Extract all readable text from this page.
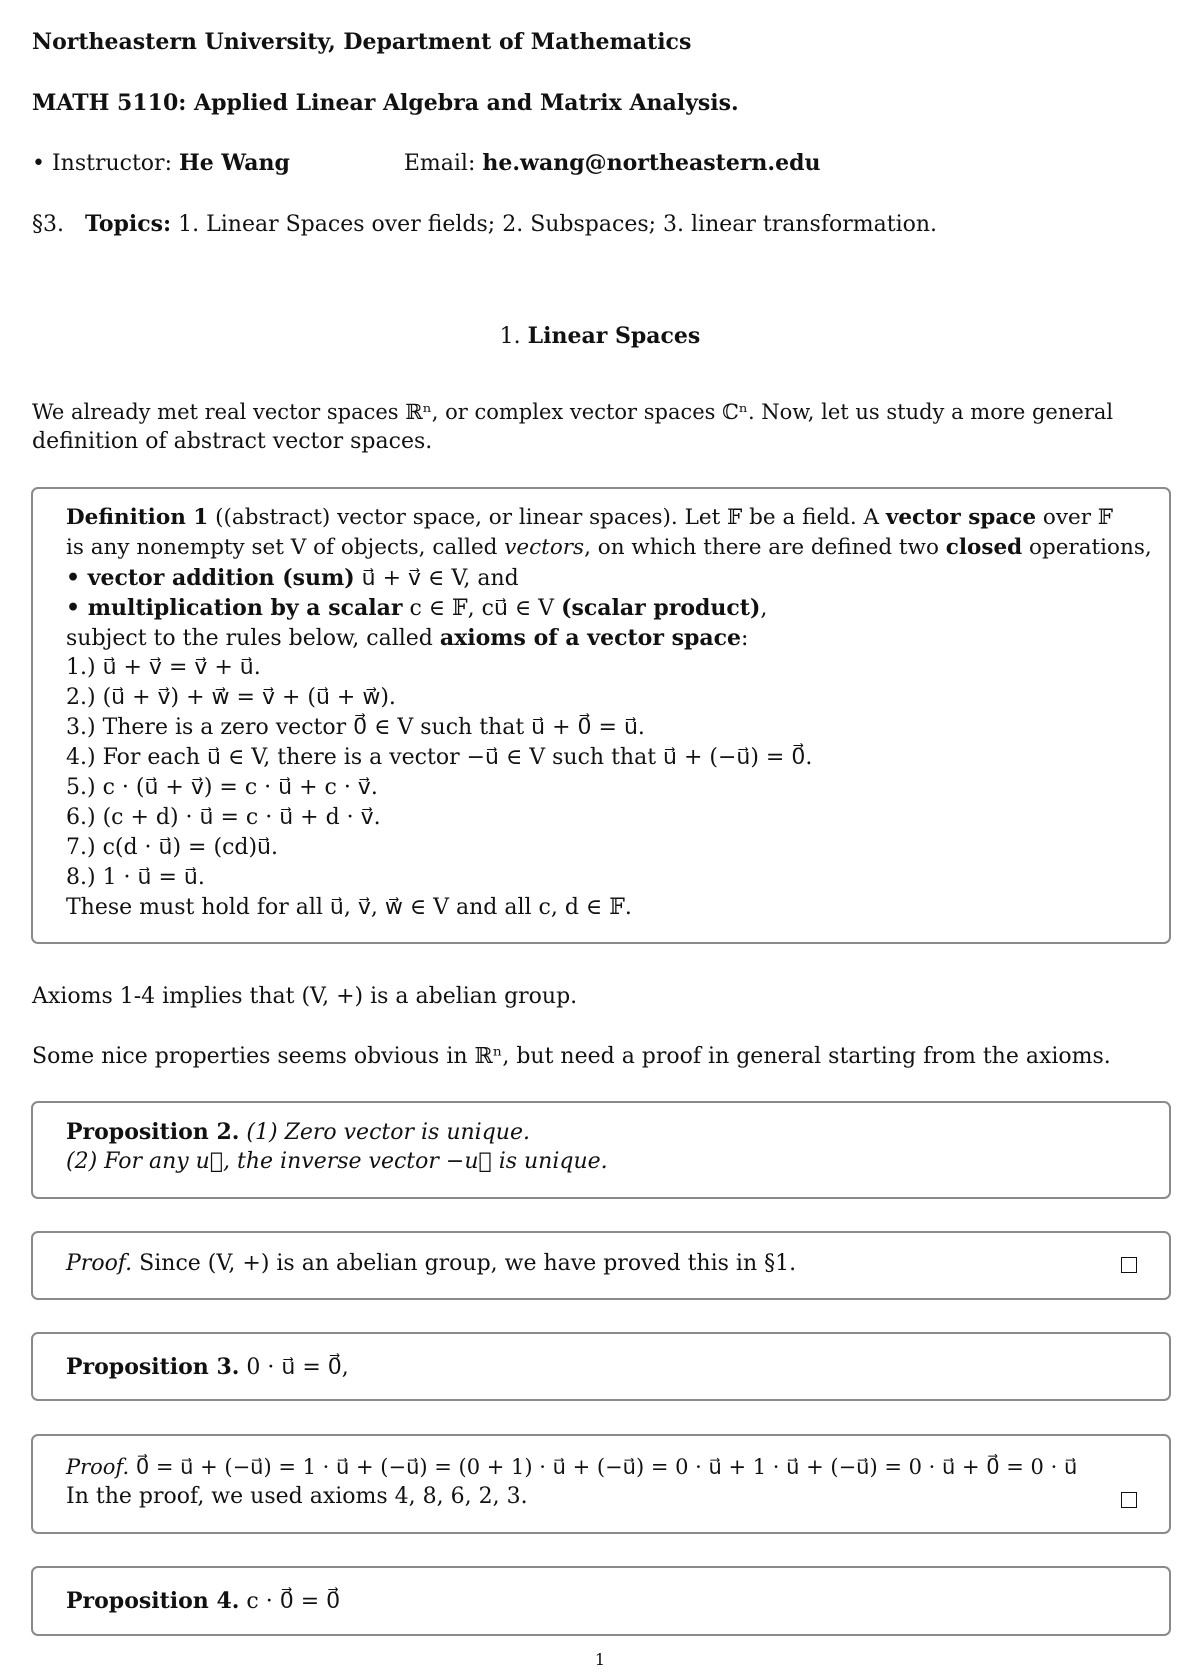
Northeastern University, Department of Mathematics
MATH 5110: Applied Linear Algebra and Matrix Analysis.
• Instructor: He Wang	Email: he.wang@northeastern.edu
§3. Topics: 1. Linear Spaces over fields; 2. Subspaces; 3. linear transformation.
1. Linear Spaces
We already met real vector spaces ℝⁿ, or complex vector spaces ℂⁿ. Now, let us study a more general
definition of abstract vector spaces.
Definition 1 ((abstract) vector space, or linear spaces). Let 𝔽 be a field. A vector space over 𝔽
is any nonempty set V of objects, called vectors, on which there are defined two closed operations,
• vector addition (sum) u⃗ + v⃗ ∈ V, and
• multiplication by a scalar c ∈ 𝔽, cu⃗ ∈ V (scalar product),
subject to the rules below, called axioms of a vector space:
1.) u⃗ + v⃗ = v⃗ + u⃗.
2.) (u⃗ + v⃗) + w⃗ = v⃗ + (u⃗ + w⃗).
3.) There is a zero vector 0⃗ ∈ V such that u⃗ + 0⃗ = u⃗.
4.) For each u⃗ ∈ V, there is a vector −u⃗ ∈ V such that u⃗ + (−u⃗) = 0⃗.
5.) c · (u⃗ + v⃗) = c · u⃗ + c · v⃗.
6.) (c + d) · u⃗ = c · u⃗ + d · v⃗.
7.) c(d · u⃗) = (cd)u⃗.
8.) 1 · u⃗ = u⃗.
These must hold for all u⃗, v⃗, w⃗ ∈ V and all c, d ∈ 𝔽.
Axioms 1-4 implies that (V, +) is a abelian group.
Some nice properties seems obvious in ℝⁿ, but need a proof in general starting from the axioms.
Proposition 2. (1) Zero vector is unique.
(2) For any u⃗, the inverse vector −u⃗ is unique.
Proof. Since (V, +) is an abelian group, we have proved this in §1.
Proposition 3. 0 · u⃗ = 0⃗,
Proof. 0⃗ = u⃗ + (−u⃗) = 1 · u⃗ + (−u⃗) = (0 + 1) · u⃗ + (−u⃗) = 0 · u⃗ + 1 · u⃗ + (−u⃗) = 0 · u⃗ + 0⃗ = 0 · u⃗
In the proof, we used axioms 4, 8, 6, 2, 3.
Proposition 4. c · 0⃗ = 0⃗
1
